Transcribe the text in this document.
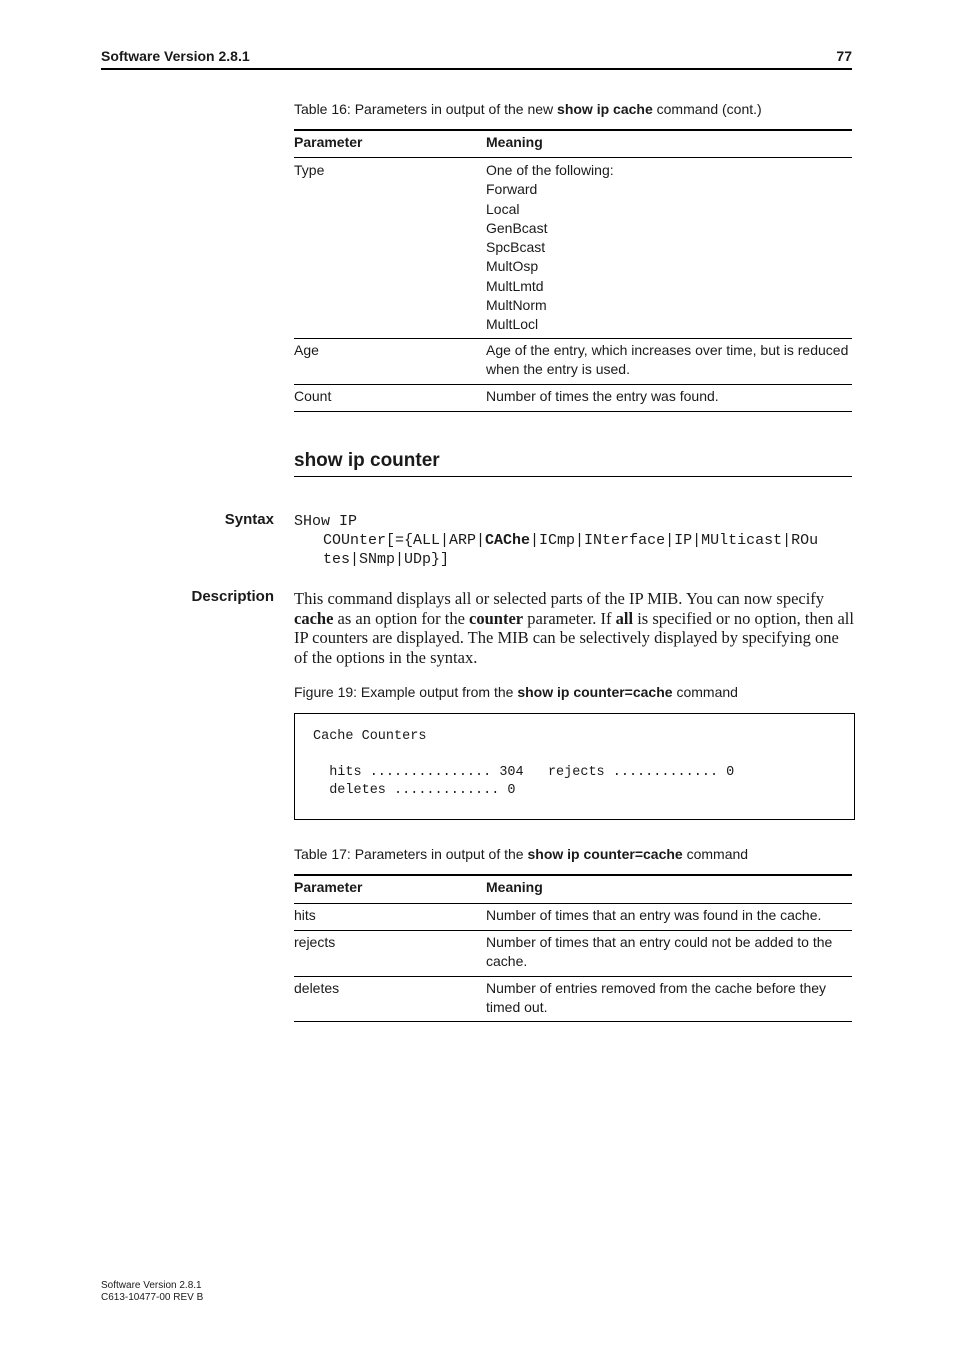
Software Version 2.8.1	77
Table 16: Parameters in output of the new show ip cache command (cont.)
Parameter	Meaning
Type	One of the following:
Forward
Local
GenBcast
SpcBcast
MultOsp
MultLmtd
MultNorm
MultLocl
Age	Age of the entry, which increases over time, but is reduced
when the entry is used.
Count	Number of times the entry was found.
show ip counter
Syntax SHow IP
COUnter[={ALL|ARP|CAChe|ICmp|INterface|IP|MUlticast|ROu
tes|SNmp|UDp}]
Description This command displays all or selected parts of the IP MIB. You can now specify cache as an option for the counter parameter. If all is specified or no option, then all IP counters are displayed. The MIB can be selectively displayed by specifying one of the options in the syntax.
Figure 19: Example output from the show ip counter=cache command
Cache Counters
hits ............... 304   rejects ............. 0
deletes ............. 0
Table 17: Parameters in output of the show ip counter=cache command
Parameter	Meaning
hits	Number of times that an entry was found in the cache.
rejects	Number of times that an entry could not be added to the
cache.
deletes	Number of entries removed from the cache before they
timed out.
Software Version 2.8.1
C613-10477-00 REV B
